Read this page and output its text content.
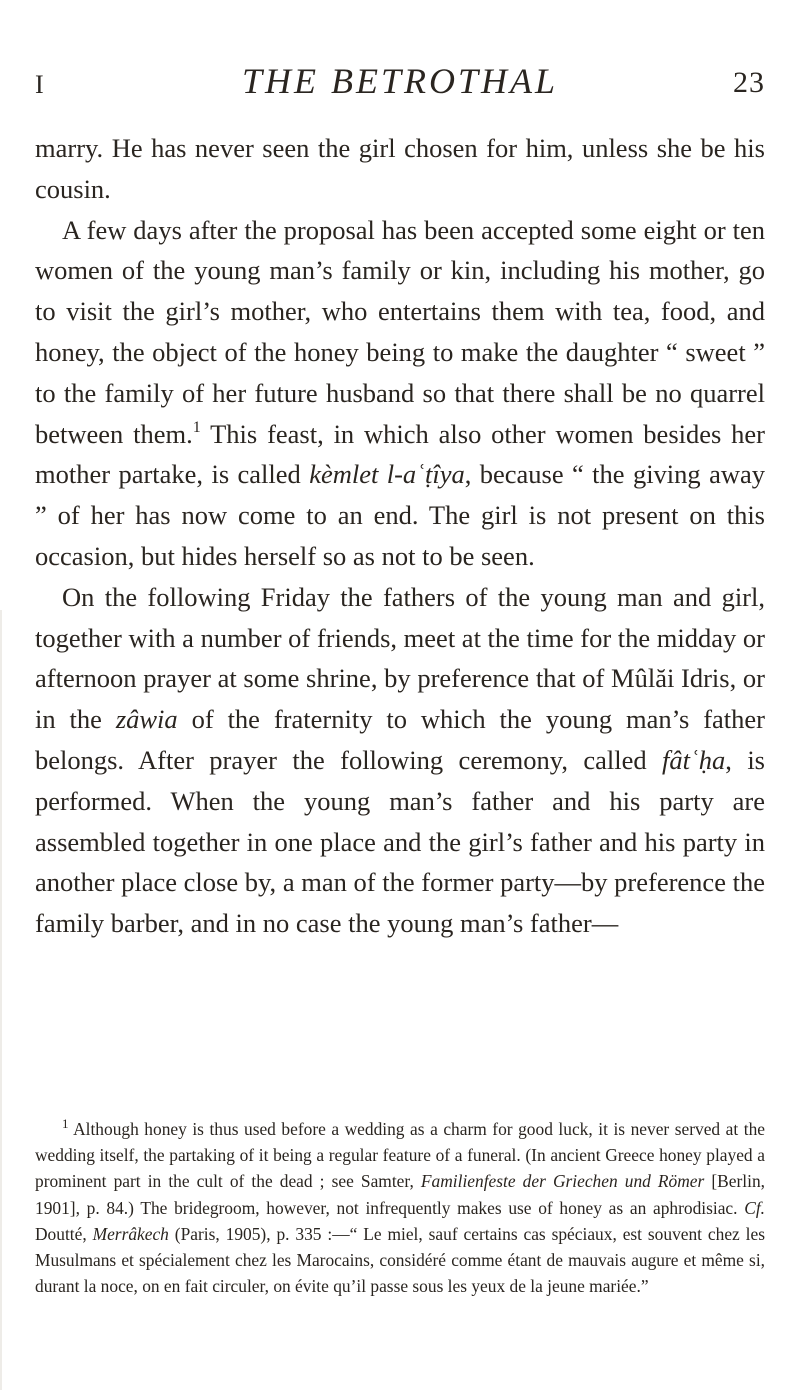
I	THE BETROTHAL	23

marry. He has never seen the girl chosen for him, unless she be his cousin.

A few days after the proposal has been accepted some eight or ten women of the young man’s family or kin, including his mother, go to visit the girl’s mother, who entertains them with tea, food, and honey, the object of the honey being to make the daughter “ sweet ” to the family of her future husband so that there shall be no quarrel between them.$^1$ This feast, in which also other women besides her mother partake, is called kèmlet l-aʿṭîya, because “ the giving away ” of her has now come to an end. The girl is not present on this occasion, but hides herself so as not to be seen.

On the following Friday the fathers of the young man and girl, together with a number of friends, meet at the time for the midday or afternoon prayer at some shrine, by preference that of Mûlăi Idris, or in the zâwia of the fraternity to which the young man’s father belongs. After prayer the following ceremony, called fâtʿḥa, is performed. When the young man’s father and his party are assembled together in one place and the girl’s father and his party in another place close by, a man of the former party—by preference the family barber, and in no case the young man’s father—

$^1$ Although honey is thus used before a wedding as a charm for good luck, it is never served at the wedding itself, the partaking of it being a regular feature of a funeral. (In ancient Greece honey played a prominent part in the cult of the dead ; see Samter, Familienfeste der Griechen und Römer [Berlin, 1901], p. 84.) The bridegroom, however, not infrequently makes use of honey as an aphrodisiac. Cf. Doutté, Merrâkech (Paris, 1905), p. 335 :—“ Le miel, sauf certains cas spéciaux, est souvent chez les Musulmans et spécialement chez les Marocains, considéré comme étant de mauvais augure et même si, durant la noce, on en fait circuler, on évite qu’il passe sous les yeux de la jeune mariée.”
